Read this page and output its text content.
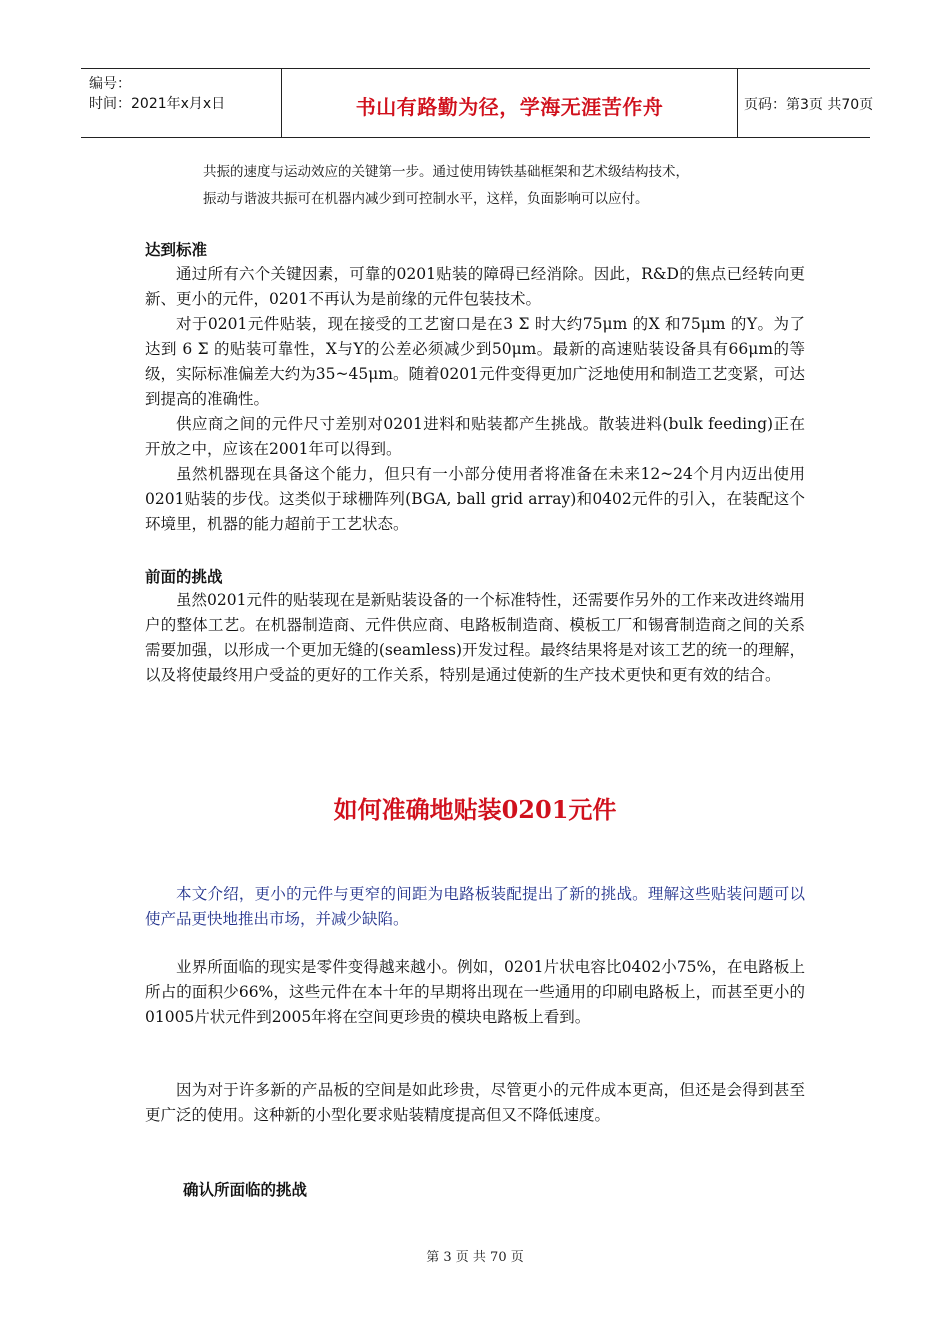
编号：
时间：2021年x月x日	书山有路勤为径，学海无涯苦作舟	页码：第3页 共70页

共振的速度与运动效应的关键第一步。通过使用铸铁基础框架和艺术级结构技术，

振动与谐波共振可在机器内减少到可控制水平，这样，负面影响可以应付。

达到标准

通过所有六个关键因素，可靠的0201贴装的障碍已经消除。因此，R&D的焦点已经转向更新、更小的元件，0201不再认为是前缘的元件包装技术。

对于0201元件贴装，现在接受的工艺窗口是在3 Σ 时大约75μm 的X 和75μm 的Y。为了达到 6 Σ 的贴装可靠性，X与Y的公差必须减少到50μm。最新的高速贴装设备具有66μm的等级，实际标准偏差大约为35~45μm。随着0201元件变得更加广泛地使用和制造工艺变紧，可达到提高的准确性。

供应商之间的元件尺寸差别对0201进料和贴装都产生挑战。散装进料(bulk feeding)正在开放之中，应该在2001年可以得到。

虽然机器现在具备这个能力，但只有一小部分使用者将准备在未来12~24个月内迈出使用0201贴装的步伐。这类似于球栅阵列(BGA, ball grid array)和0402元件的引入，在装配这个环境里，机器的能力超前于工艺状态。

前面的挑战

虽然0201元件的贴装现在是新贴装设备的一个标准特性，还需要作另外的工作来改进终端用户的整体工艺。在机器制造商、元件供应商、电路板制造商、模板工厂和锡膏制造商之间的关系需要加强，以形成一个更加无缝的(seamless)开发过程。最终结果将是对该工艺的统一的理解，以及将使最终用户受益的更好的工作关系，特别是通过使新的生产技术更快和更有效的结合。

如何准确地贴装0201元件

本文介绍，更小的元件与更窄的间距为电路板装配提出了新的挑战。理解这些贴装问题可以使产品更快地推出市场，并减少缺陷。

业界所面临的现实是零件变得越来越小。例如，0201片状电容比0402小75%，在电路板上所占的面积少66%，这些元件在本十年的早期将出现在一些通用的印刷电路板上，而甚至更小的01005片状元件到2005年将在空间更珍贵的模块电路板上看到。

因为对于许多新的产品板的空间是如此珍贵，尽管更小的元件成本更高，但还是会得到甚至更广泛的使用。这种新的小型化要求贴装精度提高但又不降低速度。

确认所面临的挑战
第 3 页 共 70 页
